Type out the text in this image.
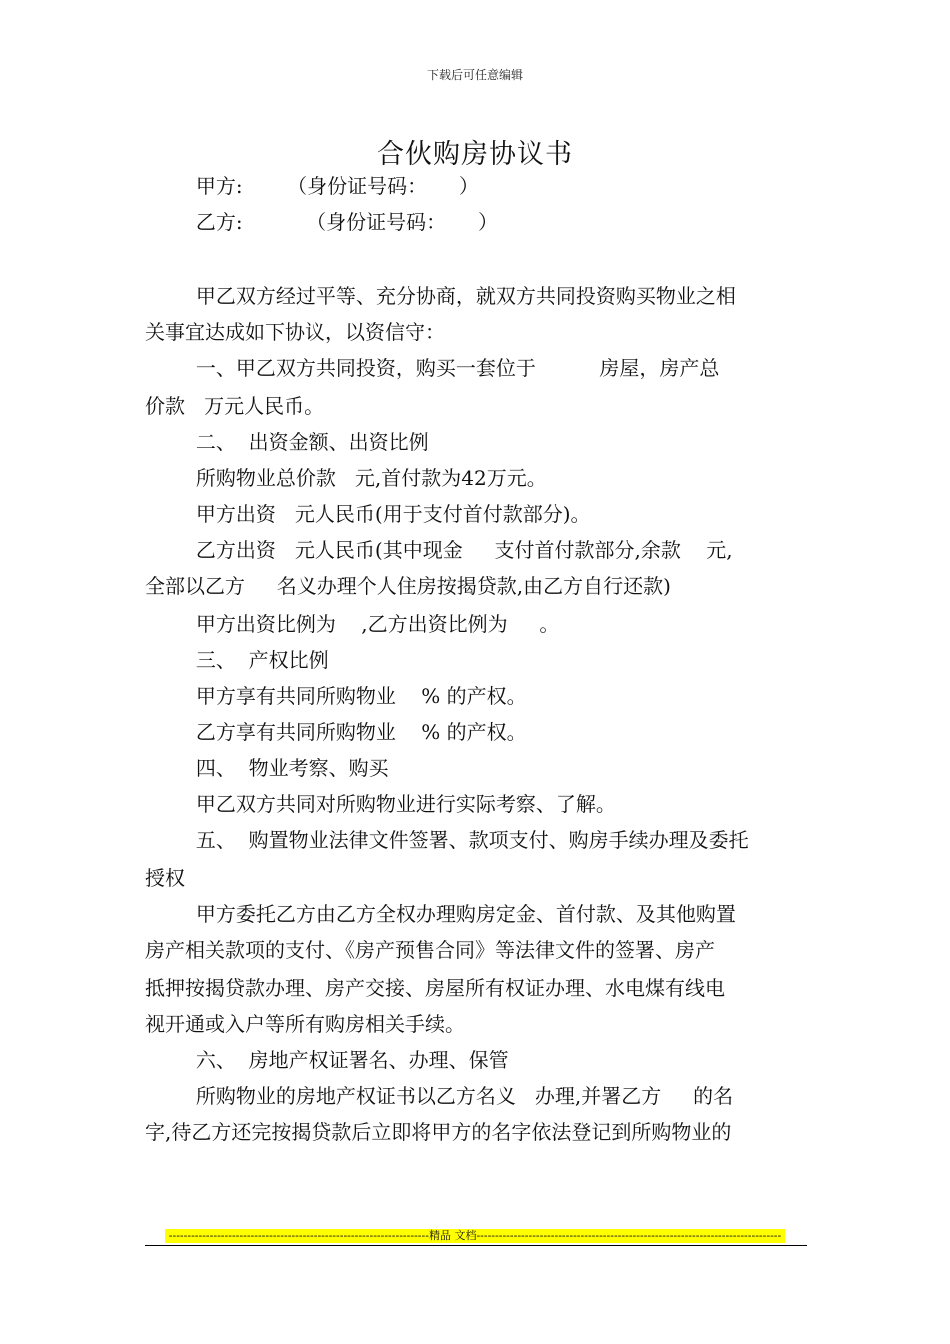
下载后可任意编辑
合伙购房协议书
甲方:       （身份证号码：     ）
乙方:          （身份证号码：     ）
甲乙双方经过平等、充分协商，就双方共同投资购买物业之相
关事宜达成如下协议，以资信守：
一、甲乙双方共同投资，购买一套位于          房屋，房产总
价款   万元人民币。
二、  出资金额、出资比例
所购物业总价款   元,首付款为42万元。
甲方出资   元人民币(用于支付首付款部分)。
乙方出资   元人民币(其中现金     支付首付款部分,余款    元,
全部以乙方     名义办理个人住房按揭贷款,由乙方自行还款)
甲方出资比例为    ,乙方出资比例为     。
三、  产权比例
甲方享有共同所购物业    % 的产权。
乙方享有共同所购物业    % 的产权。
四、  物业考察、购买
甲乙双方共同对所购物业进行实际考察、了解。
五、  购置物业法律文件签署、款项支付、购房手续办理及委托
授权
甲方委托乙方由乙方全权办理购房定金、首付款、及其他购置
房产相关款项的支付、《房产预售合同》等法律文件的签署、房产
抵押按揭贷款办理、房产交接、房屋所有权证办理、水电煤有线电
视开通或入户等所有购房相关手续。
六、  房地产权证署名、办理、保管
所购物业的房地产权证书以乙方名义   办理,并署乙方     的名
字,待乙方还完按揭贷款后立即将甲方的名字依法登记到所购物业的
----------------------------------------------------------------------精品 文档----------------------------------------------------------------------------------
